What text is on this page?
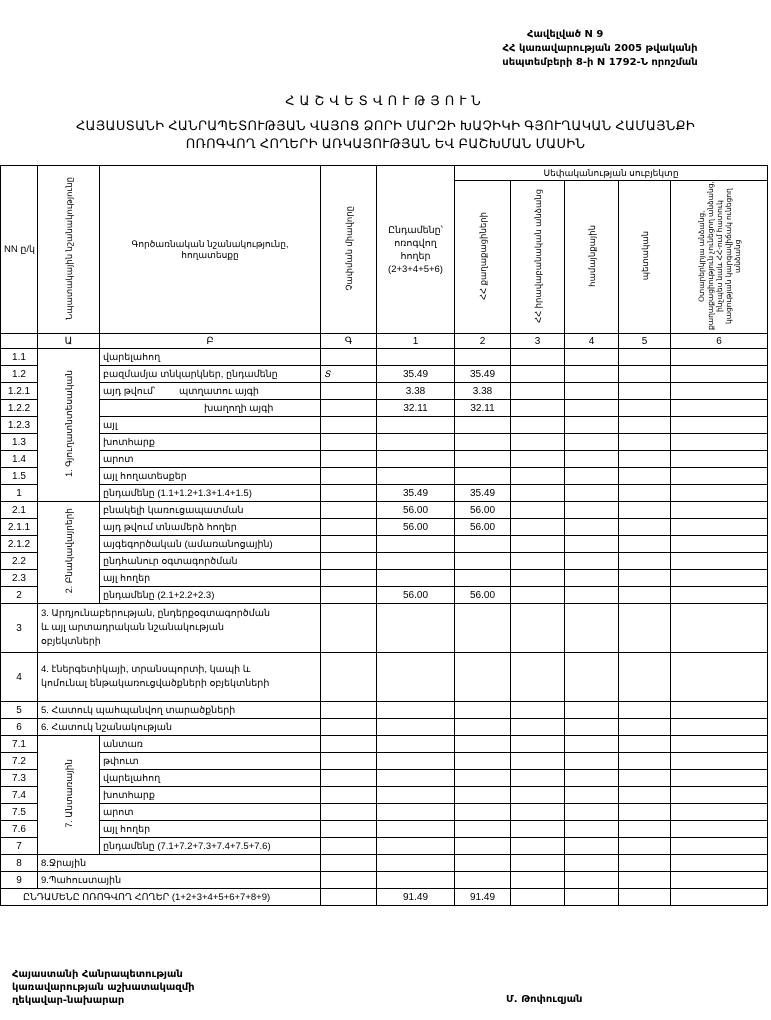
Հավելված N 9
ՀՀ կառավարության 2005 թվականի
սեպտեմբերի 8-ի N 1792-Ն որոշման
ՀԱՇՎԵՏՎՈՒԹՅՈՒՆ
ՀԱՅԱՍՏԱՆԻ ՀԱՆՐԱՊԵՏՈՒԹՅԱՆ ՎԱՅՈՑ ՁՈՐԻ ՄԱՐԶԻ ԽԱՉԻԿԻ ԳՅՈՒՂԱԿԱՆ ՀԱՄԱՅՆՔԻ
ՈՌՈԳՎՈՂ ՀՈՂԵՐԻ ԱՌԿԱՅՈՒԹՅԱՆ ԵՎ ԲԱՇԽՄԱՆ ՄԱՍԻՆ
NN ը/կ	Նպատակային նշանակությունը	Գործառնական նշանակությունը, հողատեսքը	Չափման միավորը	Ընդամենը՝ ոռոգվող հողեր (2+3+4+5+6)	Սեփականության սուբյեկտը				
					ՀՀ քաղաքացիների	ՀՀ իրավաբանական անձանց	համայնքային	պետական	Օտարերկրյա անձանց, քաղաքացիություն չունեցող անձանց, ինչպես նաև ՀՀ-ում հատուկ կացության կարգավիճակ ունեցող անձանց
	Ա	Բ	Գ	1	2	3	4	5	6
1.1	1. Գյուղատնտեսական	վարելահող							
1.2		բազմամյա տնկարկներ, ընդամենը	Տ	35.49	35.49				
1.2.1		այդ թվում՝         պտղատու այգի		3.38	3.38				
1.2.2		խաղողի այգի		32.11	32.11				
1.2.3		այլ							
1.3		խոտհարք							
1.4		արոտ							
1.5		այլ հողատեսքեր							
1		ընդամենը (1.1+1.2+1.3+1.4+1.5)		35.49	35.49				
2.1	2. Բնակավայրերի	բնակելի կառուցապատման		56.00	56.00				
2.1.1		այդ թվում տնամերձ հողեր		56.00	56.00				
2.1.2		այգեգործական (ամառանոցային)							
2.2		ընդհանուր օգտագործման							
2.3		այլ հողեր							
2		ընդամենը (2.1+2.2+2.3)		56.00	56.00				
3	3. Արդյունաբերության, ընդերքօգտագործման և այլ արտադրական նշանակության օբյեկտների								
4	4. էներգետիկայի, տրանսպորտի, կապի և կոմունալ ենթակառուցվածքների օբյեկտների								
5	5. Հատուկ պահպանվող տարածքների								
6	6. Հատուկ նշանակության								
7.1	7. Անտառային	անտառ							
7.2		թփուտ							
7.3		վարելահող							
7.4		խոտհարք							
7.5		արոտ							
7.6		այլ հողեր							
7		ընդամենը (7.1+7.2+7.3+7.4+7.5+7.6)							
8	8.Ջրային								
9	9.Պահուստային								
ԸՆԴԱՄԵՆԸ ՈՌՈԳՎՈՂ ՀՈՂԵՐ (1+2+3+4+5+6+7+8+9)				91.49	91.49				
Հայաստանի Հանրապետության
կառավարության աշխատակազմի
ղեկավար-նախարար	Մ. Թոփուզյան
